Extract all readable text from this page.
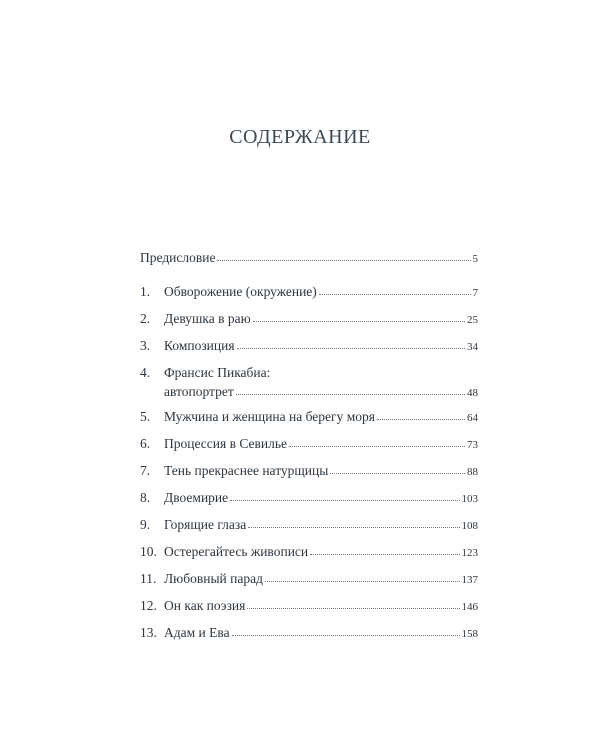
СОДЕРЖАНИЕ
Предисловие	5
1.	Обворожение (окружение)	7
2.	Девушка в раю	25
3.	Композиция	34
4.	Франсис Пикабиа:
автопортрет	48
5.	Мужчина и женщина на берегу моря	64
6.	Процессия в Севилье	73
7.	Тень прекраснее натурщицы	88
8.	Двоемирие	103
9.	Горящие глаза	108
10. Остерегайтесь живописи	123
11. Любовный парад	137
12. Он как поэзия	146
13. Адам и Ева	158
